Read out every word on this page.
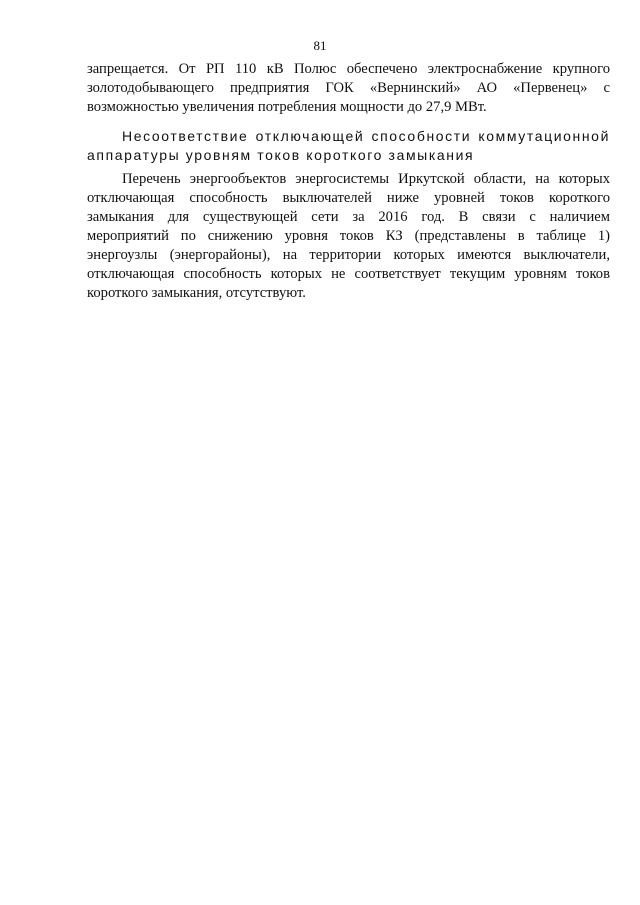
81
запрещается. От РП 110 кВ Полюс обеспечено электроснабжение крупного
золотодобывающего предприятия ГОК «Вернинский» АО «Первенец» с
возможностью увеличения потребления мощности до 27,9 МВт.
Несоответствие отключающей способности коммутационной
аппаратуры уровням токов короткого замыкания
Перечень энергообъектов энергосистемы Иркутской области, на которых
отключающая способность выключателей ниже уровней токов короткого
замыкания для существующей сети за 2016 год. В связи с наличием
мероприятий по снижению уровня токов КЗ (представлены в таблице 1)
энергоузлы (энергорайоны), на территории которых имеются выключатели,
отключающая способность которых не соответствует текущим уровням токов
короткого замыкания, отсутствуют.
